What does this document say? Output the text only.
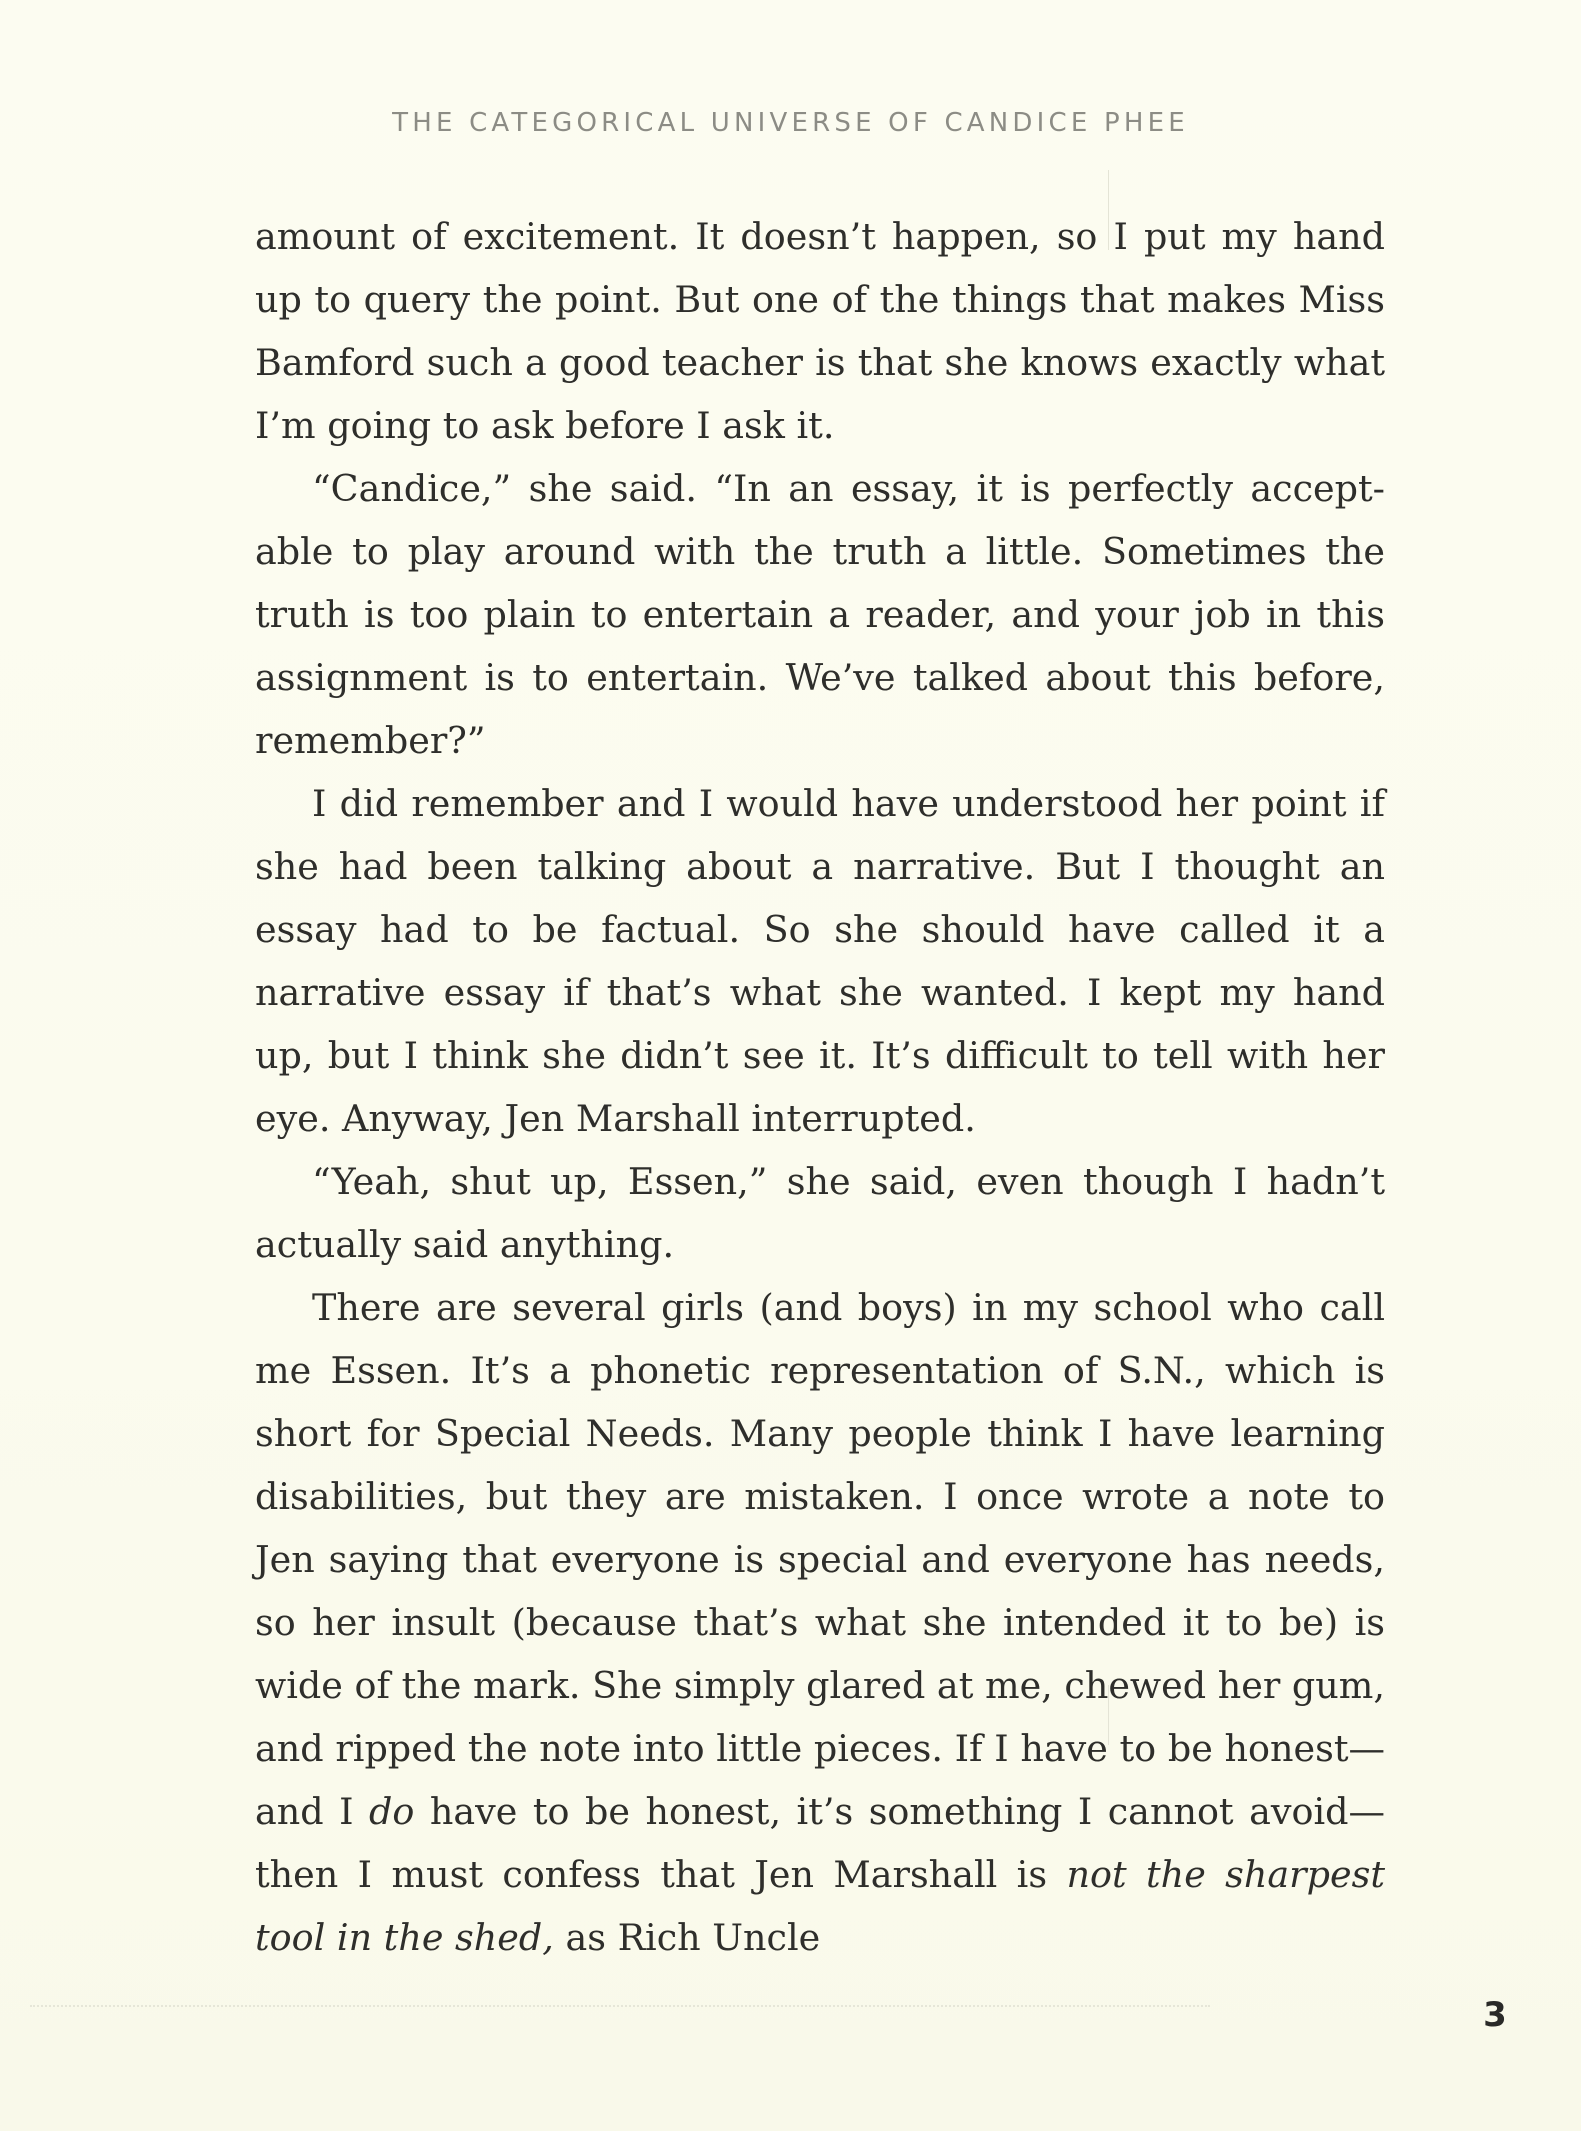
THE CATEGORICAL UNIVERSE OF CANDICE PHEE

amount of excitement. It doesn’t happen, so I put my hand up to query the point. But one of the things that makes Miss Bamford such a good teacher is that she knows exactly what I’m going to ask before I ask it.

“Candice,” she said. “In an essay, it is perfectly acceptable to play around with the truth a little. Sometimes the truth is too plain to entertain a reader, and your job in this assignment is to entertain. We’ve talked about this before, remember?”

I did remember and I would have understood her point if she had been talking about a narrative. But I thought an essay had to be factual. So she should have called it a narrative essay if that’s what she wanted. I kept my hand up, but I think she didn’t see it. It’s difficult to tell with her eye. Anyway, Jen Marshall interrupted.

“Yeah, shut up, Essen,” she said, even though I hadn’t actually said anything.

There are several girls (and boys) in my school who call me Essen. It’s a phonetic representation of S.N., which is short for Special Needs. Many people think I have learning disabilities, but they are mistaken. I once wrote a note to Jen saying that everyone is special and everyone has needs, so her insult (because that’s what she intended it to be) is wide of the mark. She simply glared at me, chewed her gum, and ripped the note into little pieces. If I have to be honest—and I do have to be honest, it’s something I cannot avoid—then I must confess that Jen Marshall is not the sharpest tool in the shed, as Rich Uncle

3
